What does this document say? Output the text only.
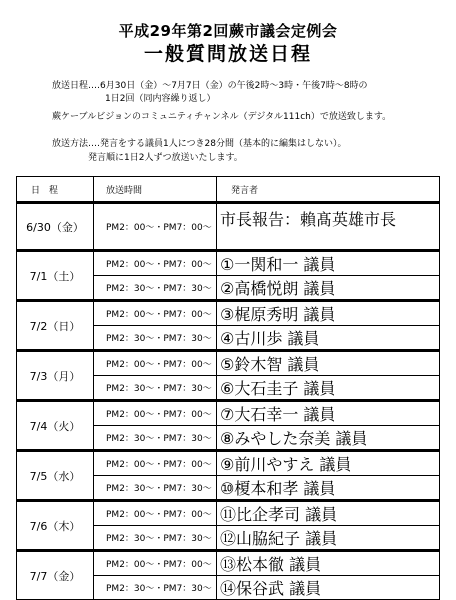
平成29年第2回蕨市議会定例会
一般質問放送日程
放送日程‥‥6月30日（金）～7月7日（金）の午後2時～3時・午後7時～8時の
1日2回（同内容繰り返し）
蕨ケーブルビジョンのコミュニティチャンネル（デジタル111ch）で放送致します。
放送方法‥‥発言をする議員1人につき28分間（基本的に編集はしない）。
発言順に1日2人ずつ放送いたします。
日　程	放送時間	発言者
6/30（金）	PM2：00～・PM7：00～	市長報告：賴髙英雄市長
7/1（土）	PM2：00～・PM7：00～	①一関和一 議員
	PM2：30～・PM7：30～	②高橋悦朗 議員
7/2（日）	PM2：00～・PM7：00～	③梶原秀明 議員
	PM2：30～・PM7：30～	④古川歩 議員
7/3（月）	PM2：00～・PM7：00～	⑤鈴木智 議員
	PM2：30～・PM7：30～	⑥大石圭子 議員
7/4（火）	PM2：00～・PM7：00～	⑦大石幸一 議員
	PM2：30～・PM7：30～	⑧みやした奈美 議員
7/5（水）	PM2：00～・PM7：00～	⑨前川やすえ 議員
	PM2：30～・PM7：30～	⑩榎本和孝 議員
7/6（木）	PM2：00～・PM7：00～	⑪比企孝司 議員
	PM2：30～・PM7：30～	⑫山脇紀子 議員
7/7（金）	PM2：00～・PM7：00～	⑬松本徹 議員
	PM2：30～・PM7：30～	⑭保谷武 議員
